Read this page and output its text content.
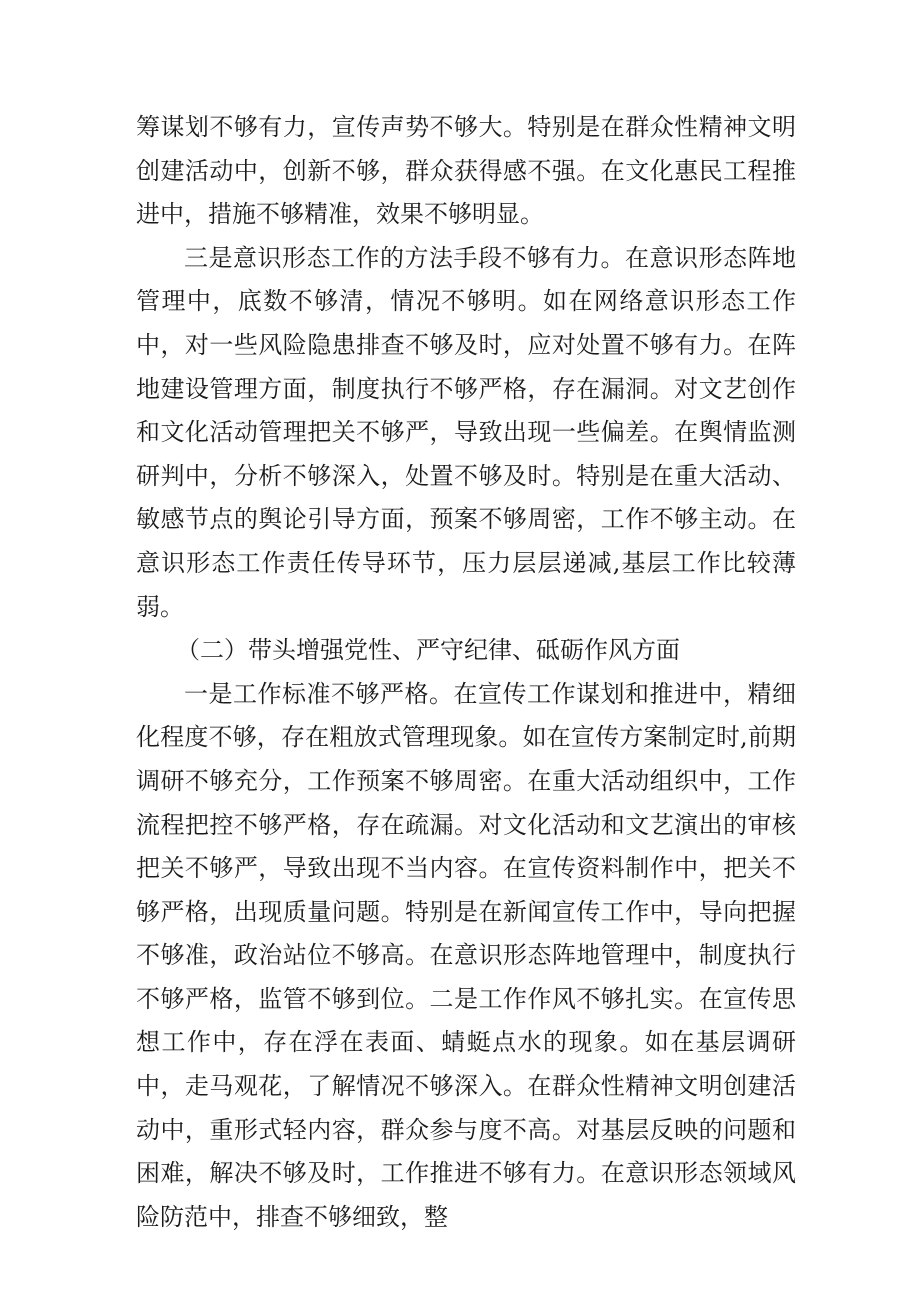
筹谋划不够有力，宣传声势不够大。特别是在群众性精神文明创建活动中，创新不够，群众获得感不强。在文化惠民工程推进中，措施不够精准，效果不够明显。

三是意识形态工作的方法手段不够有力。在意识形态阵地管理中，底数不够清，情况不够明。如在网络意识形态工作中，对一些风险隐患排查不够及时，应对处置不够有力。在阵地建设管理方面，制度执行不够严格，存在漏洞。对文艺创作和文化活动管理把关不够严，导致出现一些偏差。在舆情监测研判中，分析不够深入，处置不够及时。特别是在重大活动、敏感节点的舆论引导方面，预案不够周密，工作不够主动。在意识形态工作责任传导环节，压力层层递减,基层工作比较薄弱。

（二）带头增强党性、严守纪律、砥砺作风方面

一是工作标准不够严格。在宣传工作谋划和推进中，精细化程度不够，存在粗放式管理现象。如在宣传方案制定时,前期调研不够充分，工作预案不够周密。在重大活动组织中，工作流程把控不够严格，存在疏漏。对文化活动和文艺演出的审核把关不够严，导致出现不当内容。在宣传资料制作中，把关不够严格，出现质量问题。特别是在新闻宣传工作中，导向把握不够准，政治站位不够高。在意识形态阵地管理中，制度执行不够严格，监管不够到位。二是工作作风不够扎实。在宣传思想工作中，存在浮在表面、蜻蜓点水的现象。如在基层调研中，走马观花，了解情况不够深入。在群众性精神文明创建活动中，重形式轻内容，群众参与度不高。对基层反映的问题和困难，解决不够及时，工作推进不够有力。在意识形态领域风险防范中，排查不够细致，整
